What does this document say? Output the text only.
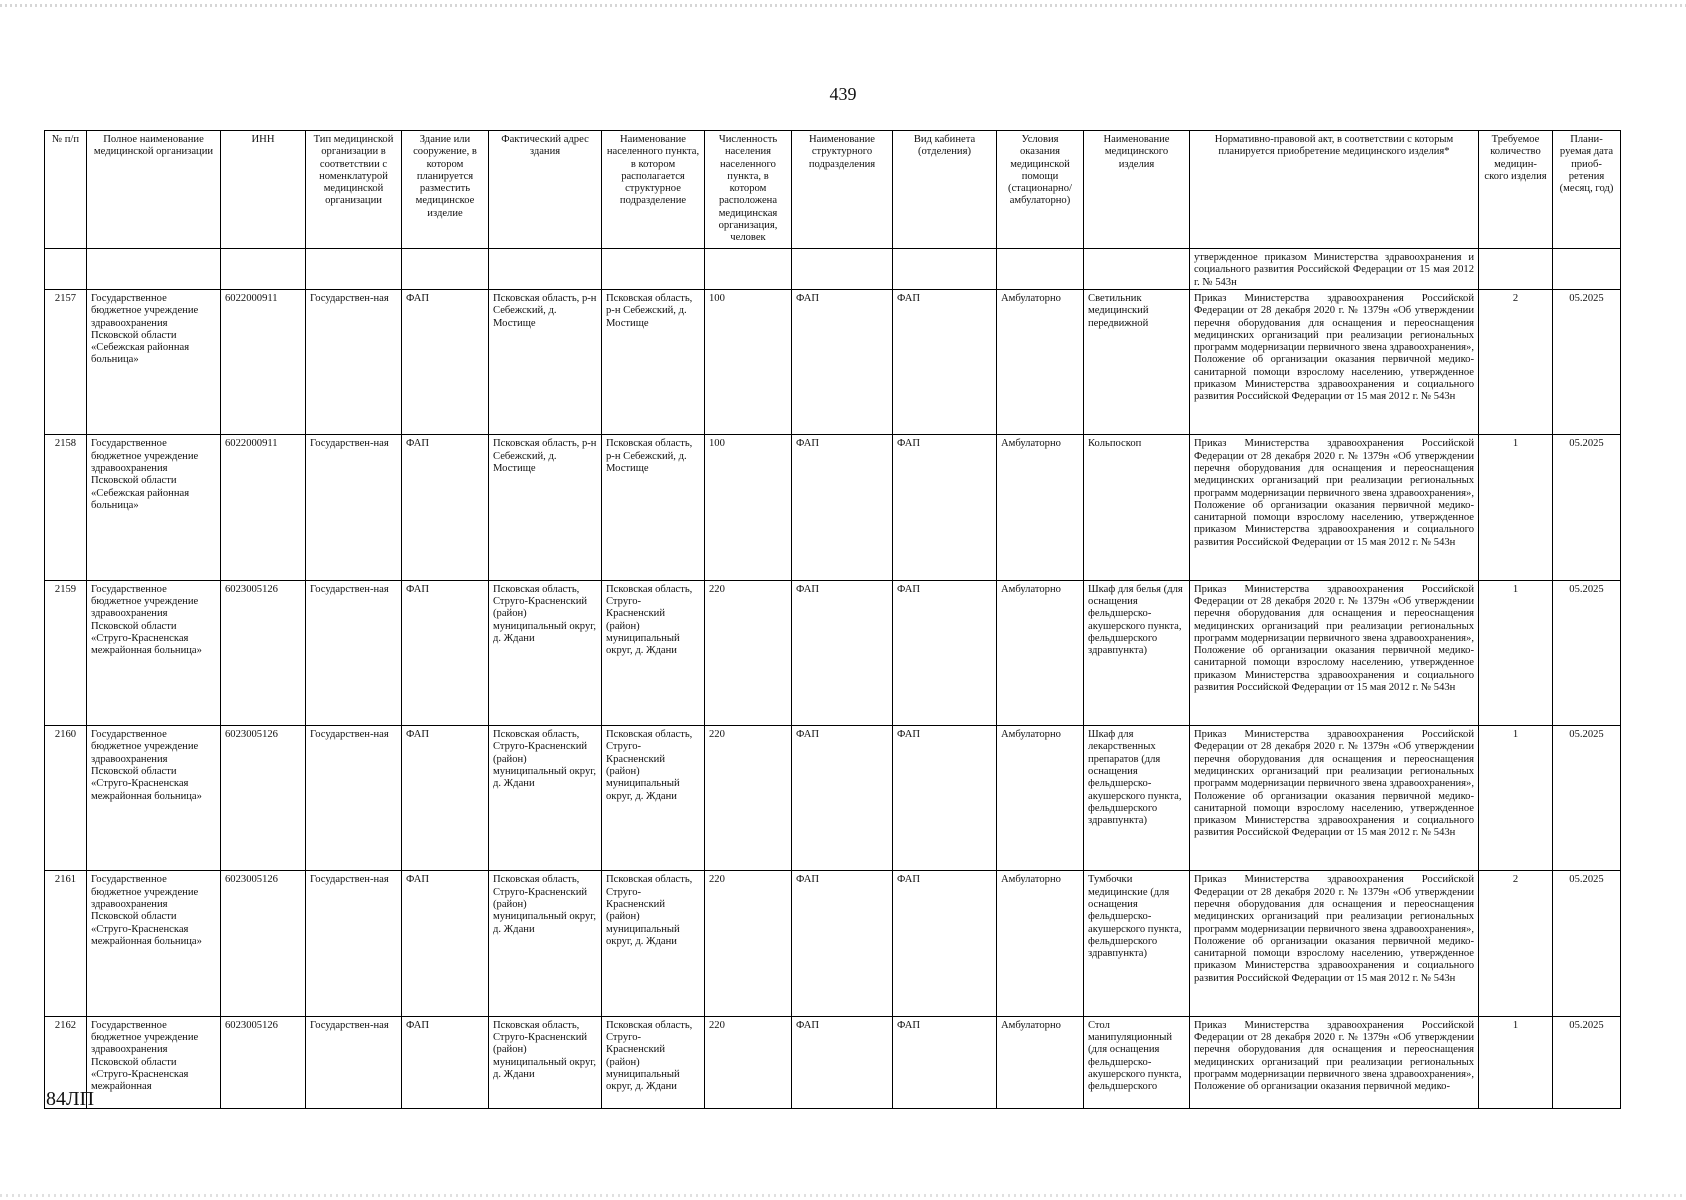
439
№ п/п	Полное наименование медицинской организации	ИНН	Тип медицинской организации в соответствии с номенклатурой медицинской организации	Здание или сооружение, в котором планируется разместить медицинское изделие	Фактический адрес здания	Наименование населенного пункта, в котором располагается структурное подразделение	Численность населения населенного пункта, в котором расположена медицинская организация, человек	Наименование структурного подразделения	Вид кабинета (отделения)	Условия оказания медицинской помощи (стационарно/ амбулаторно)	Наименование медицинского изделия	Нормативно-правовой акт, в соответствии с которым планируется приобретение медицинского изделия*	Требуемое количество медицин-ского изделия	Плани-руемая дата приоб-ретения (месяц, год)
												утвержденное приказом Министерства здравоохранения и социального развития Российской Федерации от 15 мая 2012 г. № 543н		
2157	Государственное бюджетное учреждение здравоохранения Псковской области «Себежская районная больница»	6022000911	Государствен-ная	ФАП	Псковская область, р-н Себежский, д. Мостище	Псковская область, р-н Себежский, д. Мостище	100	ФАП	ФАП	Амбулаторно	Светильник медицинский передвижной	Приказ Министерства здравоохранения Российской Федерации от 28 декабря 2020 г. № 1379н «Об утверждении перечня оборудования для оснащения и переоснащения медицинских организаций при реализации региональных программ модернизации первичного звена здравоохранения», Положение об организации оказания первичной медико-санитарной помощи взрослому населению, утвержденное приказом Министерства здравоохранения и социального развития Российской Федерации от 15 мая 2012 г. № 543н	2	05.2025
2158	Государственное бюджетное учреждение здравоохранения Псковской области «Себежская районная больница»	6022000911	Государствен-ная	ФАП	Псковская область, р-н Себежский, д. Мостище	Псковская область, р-н Себежский, д. Мостище	100	ФАП	ФАП	Амбулаторно	Кольпоскоп	Приказ Министерства здравоохранения Российской Федерации от 28 декабря 2020 г. № 1379н «Об утверждении перечня оборудования для оснащения и переоснащения медицинских организаций при реализации региональных программ модернизации первичного звена здравоохранения», Положение об организации оказания первичной медико-санитарной помощи взрослому населению, утвержденное приказом Министерства здравоохранения и социального развития Российской Федерации от 15 мая 2012 г. № 543н	1	05.2025
2159	Государственное бюджетное учреждение здравоохранения Псковской области «Струго-Красненская межрайонная больница»	6023005126	Государствен-ная	ФАП	Псковская область, Струго-Красненский (район) муниципальный округ, д. Ждани	Псковская область, Струго-Красненский (район) муниципальный округ, д. Ждани	220	ФАП	ФАП	Амбулаторно	Шкаф для белья (для оснащения фельдшерско-акушерского пункта, фельдшерского здравпункта)	Приказ Министерства здравоохранения Российской Федерации от 28 декабря 2020 г. № 1379н «Об утверждении перечня оборудования для оснащения и переоснащения медицинских организаций при реализации региональных программ модернизации первичного звена здравоохранения», Положение об организации оказания первичной медико-санитарной помощи взрослому населению, утвержденное приказом Министерства здравоохранения и социального развития Российской Федерации от 15 мая 2012 г. № 543н	1	05.2025
2160	Государственное бюджетное учреждение здравоохранения Псковской области «Струго-Красненская межрайонная больница»	6023005126	Государствен-ная	ФАП	Псковская область, Струго-Красненский (район) муниципальный округ, д. Ждани	Псковская область, Струго-Красненский (район) муниципальный округ, д. Ждани	220	ФАП	ФАП	Амбулаторно	Шкаф для лекарственных препаратов (для оснащения фельдшерско-акушерского пункта, фельдшерского здравпункта)	Приказ Министерства здравоохранения Российской Федерации от 28 декабря 2020 г. № 1379н «Об утверждении перечня оборудования для оснащения и переоснащения медицинских организаций при реализации региональных программ модернизации первичного звена здравоохранения», Положение об организации оказания первичной медико-санитарной помощи взрослому населению, утвержденное приказом Министерства здравоохранения и социального развития Российской Федерации от 15 мая 2012 г. № 543н	1	05.2025
2161	Государственное бюджетное учреждение здравоохранения Псковской области «Струго-Красненская межрайонная больница»	6023005126	Государствен-ная	ФАП	Псковская область, Струго-Красненский (район) муниципальный округ, д. Ждани	Псковская область, Струго-Красненский (район) муниципальный округ, д. Ждани	220	ФАП	ФАП	Амбулаторно	Тумбочки медицинские (для оснащения фельдшерско-акушерского пункта, фельдшерского здравпункта)	Приказ Министерства здравоохранения Российской Федерации от 28 декабря 2020 г. № 1379н «Об утверждении перечня оборудования для оснащения и переоснащения медицинских организаций при реализации региональных программ модернизации первичного звена здравоохранения», Положение об организации оказания первичной медико-санитарной помощи взрослому населению, утвержденное приказом Министерства здравоохранения и социального развития Российской Федерации от 15 мая 2012 г. № 543н	2	05.2025
2162	Государственное бюджетное учреждение здравоохранения Псковской области «Струго-Красненская межрайонная	6023005126	Государствен-ная	ФАП	Псковская область, Струго-Красненский (район) муниципальный округ, д. Ждани	Псковская область, Струго-Красненский (район) муниципальный округ, д. Ждани	220	ФАП	ФАП	Амбулаторно	Стол манипуляционный (для оснащения фельдшерско-акушерского пункта, фельдшерского	Приказ Министерства здравоохранения Российской Федерации от 28 декабря 2020 г. № 1379н «Об утверждении перечня оборудования для оснащения и переоснащения медицинских организаций при реализации региональных программ модернизации первичного звена здравоохранения», Положение об организации оказания первичной медико-	1	05.2025
84ЛП
